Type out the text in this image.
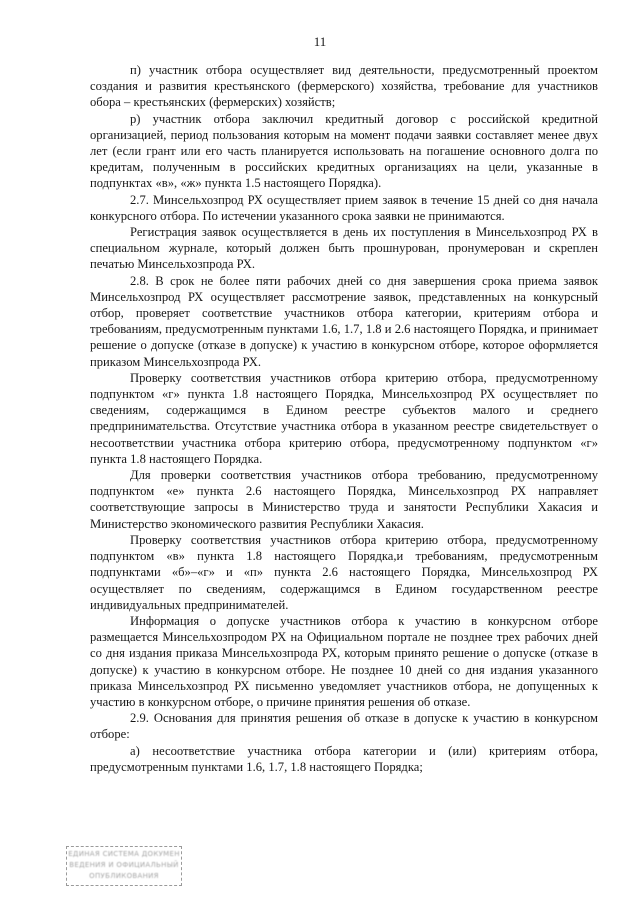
11

п) участник отбора осуществляет вид деятельности, предусмотренный проектом создания и развития крестьянского (фермерского) хозяйства, требование для участников обора – крестьянских (фермерских) хозяйств;

р) участник отбора заключил кредитный договор с российской кредитной организацией, период пользования которым на момент подачи заявки составляет менее двух лет (если грант или его часть планируется использовать на погашение основного долга по кредитам, полученным в российских кредитных организациях на цели, указанные в подпунктах «в», «ж» пункта 1.5 настоящего Порядка).

2.7. Минсельхозпрод РХ осуществляет прием заявок в течение 15 дней со дня начала конкурсного отбора. По истечении указанного срока заявки не принимаются.

Регистрация заявок осуществляется в день их поступления в Минсельхозпрод РХ в специальном журнале, который должен быть прошнурован, пронумерован и скреплен печатью Минсельхозпрода РХ.

2.8. В срок не более пяти рабочих дней со дня завершения срока приема заявок Минсельхозпрод РХ осуществляет рассмотрение заявок, представленных на конкурсный отбор, проверяет соответствие участников отбора категории, критериям отбора и требованиям, предусмотренным пунктами 1.6, 1.7, 1.8 и 2.6 настоящего Порядка, и принимает решение о допуске (отказе в допуске) к участию в конкурсном отборе, которое оформляется приказом Минсельхозпрода РХ.

Проверку соответствия участников отбора критерию отбора, предусмотренному подпунктом «г» пункта 1.8 настоящего Порядка, Минсельхозпрод РХ осуществляет по сведениям, содержащимся в Едином реестре субъектов малого и среднего предпринимательства. Отсутствие участника отбора в указанном реестре свидетельствует о несоответствии участника отбора критерию отбора, предусмотренному подпунктом «г» пункта 1.8 настоящего Порядка.

Для проверки соответствия участников отбора требованию, предусмотренному подпунктом «е» пункта 2.6 настоящего Порядка, Минсельхозпрод РХ направляет соответствующие запросы в Министерство труда и занятости Республики Хакасия и Министерство экономического развития Республики Хакасия.

Проверку соответствия участников отбора критерию отбора, предусмотренному подпунктом «в» пункта 1.8 настоящего Порядка,и требованиям, предусмотренным подпунктами «б»–«г» и «п» пункта 2.6 настоящего Порядка, Минсельхозпрод РХ осуществляет по сведениям, содержащимся в Едином государственном реестре индивидуальных предпринимателей.

Информация о допуске участников отбора к участию в конкурсном отборе размещается Минсельхозпродом РХ на Официальном портале не позднее трех рабочих дней со дня издания приказа Минсельхозпрода РХ, которым принято решение о допуске (отказе в допуске) к участию в конкурсном отборе. Не позднее 10 дней со дня издания указанного приказа Минсельхозпрод РХ письменно уведомляет участников отбора, не допущенных к участию в конкурсном отборе, о причине принятия решения об отказе.

2.9. Основания для принятия решения об отказе в допуске к участию в конкурсном отборе:

а) несоответствие участника отбора категории и (или) критериям отбора, предусмотренным пунктами 1.6, 1.7, 1.8 настоящего Порядка;

ЕДИНАЯ СИСТЕМА ДОКУМЕН
ВЕДЕНИЯ И ОФИЦИАЛЬНЫЙ
ОПУБЛИКОВАНИЯ
